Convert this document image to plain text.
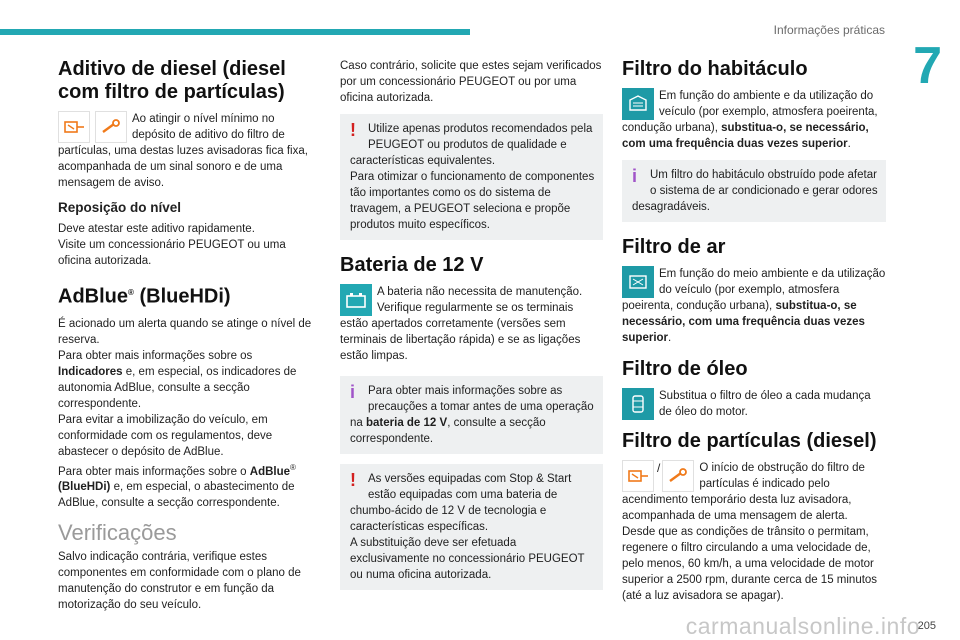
Informações práticas
7
Aditivo de diesel (diesel com filtro de partículas)
Ao atingir o nível mínimo no depósito de aditivo do filtro de partículas, uma destas luzes avisadoras fica fixa, acompanhada de um sinal sonoro e de uma mensagem de aviso.
Reposição do nível

Deve atestar este aditivo rapidamente.

Visite um concessionário PEUGEOT ou uma oficina autorizada.

AdBlue® (BlueHDi)

É acionado um alerta quando se atinge o nível de reserva.

Para obter mais informações sobre os Indicadores e, em especial, os indicadores de autonomia AdBlue, consulte a secção correspondente.

Para evitar a imobilização do veículo, em conformidade com os regulamentos, deve abastecer o depósito de AdBlue.

Para obter mais informações sobre o AdBlue® (BlueHDi) e, em especial, o abastecimento de AdBlue, consulte a secção correspondente.

Verificações

Salvo indicação contrária, verifique estes componentes em conformidade com o plano de manutenção do construtor e em função da motorização do seu veículo.

Caso contrário, solicite que estes sejam verificados por um concessionário PEUGEOT ou por uma oficina autorizada.

!	Utilize apenas produtos recomendados pela PEUGEOT ou produtos de qualidade e características equivalentes.

Para otimizar o funcionamento de componentes tão importantes como os do sistema de travagem, a PEUGEOT seleciona e propõe produtos muito específicos.

Bateria de 12 V
A bateria não necessita de manutenção. Verifique regularmente se os terminais estão apertados corretamente (versões sem terminais de libertação rápida) e se as ligações estão limpas.
i	Para obter mais informações sobre as precauções a tomar antes de uma operação na bateria de 12 V, consulte a secção correspondente.

!	As versões equipadas com Stop & Start estão equipadas com uma bateria de chumbo-ácido de 12 V de tecnologia e características específicas.

A substituição deve ser efetuada exclusivamente no concessionário PEUGEOT ou numa oficina autorizada.

Filtro do habitáculo
Em função do ambiente e da utilização do veículo (por exemplo, atmosfera poeirenta, condução urbana), substitua-o, se necessário, com uma frequência duas vezes superior.
i	Um filtro do habitáculo obstruído pode afetar o sistema de ar condicionado e gerar odores desagradáveis.

Filtro de ar
Em função do meio ambiente e da utilização do veículo (por exemplo, atmosfera poeirenta, condução urbana), substitua-o, se necessário, com uma frequência duas vezes superior.
Filtro de óleo
Substitua o filtro de óleo a cada mudança de óleo do motor.
Filtro de partículas (diesel)
/	O início de obstrução do filtro de partículas é indicado pelo acendimento temporário desta luz avisadora, acompanhada de uma mensagem de alerta.

Desde que as condições de trânsito o permitam, regenere o filtro circulando a uma velocidade de, pelo menos, 60 km/h, a uma velocidade de motor superior a 2500 rpm, durante cerca de 15 minutos (até a luz avisadora se apagar).

205
carmanualsonline.info
